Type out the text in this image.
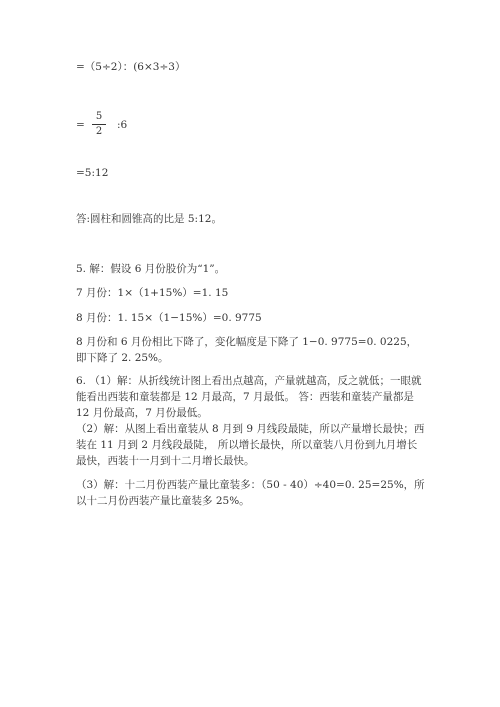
=（5÷2）：(6×3÷3）
=
5
2
:6
=5:12
答:圆柱和圆锥高的比是 5:12。
5. 解：假设 6 月份股价为“1”。
7 月份：1×（1+15%）=1. 15
8 月份：1. 15×（1−15%）=0. 9775
8 月份和 6 月份相比下降了，变化幅度是下降了 1−0. 9775=0. 0225，即下降了 2. 25%。
6. （1）解：从折线统计图上看出点越高，产量就越高，反之就低；一眼就能看出西装和童装都是 12 月最高，7 月最低。 答：西装和童装产量都是 12 月份最高，7 月份最低。
（2）解：从图上看出童装从 8 月到 9 月线段最陡，所以产量增长最快；西装在 11 月到 2 月线段最陡， 所以增长最快，所以童装八月份到九月增长最快，西装十一月到十二月增长最快。
（3）解：十二月份西装产量比童装多：（50 - 40）÷40=0. 25=25%，所以十二月份西装产量比童装多 25%。
